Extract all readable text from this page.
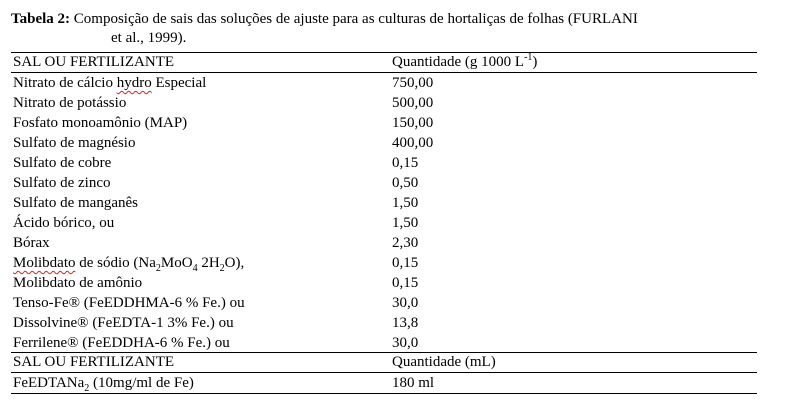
Tabela 2: Composição de sais das soluções de ajuste para as culturas de hortaliças de folhas (FURLANI
et al., 1999).
SAL OU FERTILIZANTE	Quantidade (g 1000 $L^{-1}$)
Nitrato de cálcio hydro Especial	750,00
Nitrato de potássio	500,00
Fosfato monoamônio (MAP)	150,00
Sulfato de magnésio	400,00
Sulfato de cobre	0,15
Sulfato de zinco	0,50
Sulfato de manganês	1,50
Ácido bórico, ou	1,50
Bórax	2,30
Molibdato de sódio ($Na_2MoO_4$ $2H_2O$),	0,15
Molibdato de amônio	0,15
Tenso-Fe® (FeEDDHMA-6 % Fe.) ou	30,0
Dissolvine® (FeEDTA-1 3% Fe.) ou	13,8
Ferrilene® (FeEDDHA-6 % Fe.) ou	30,0
SAL OU FERTILIZANTE	Quantidade (mL)
FeEDTANa$_2$ (10mg/ml de Fe)	180 ml
